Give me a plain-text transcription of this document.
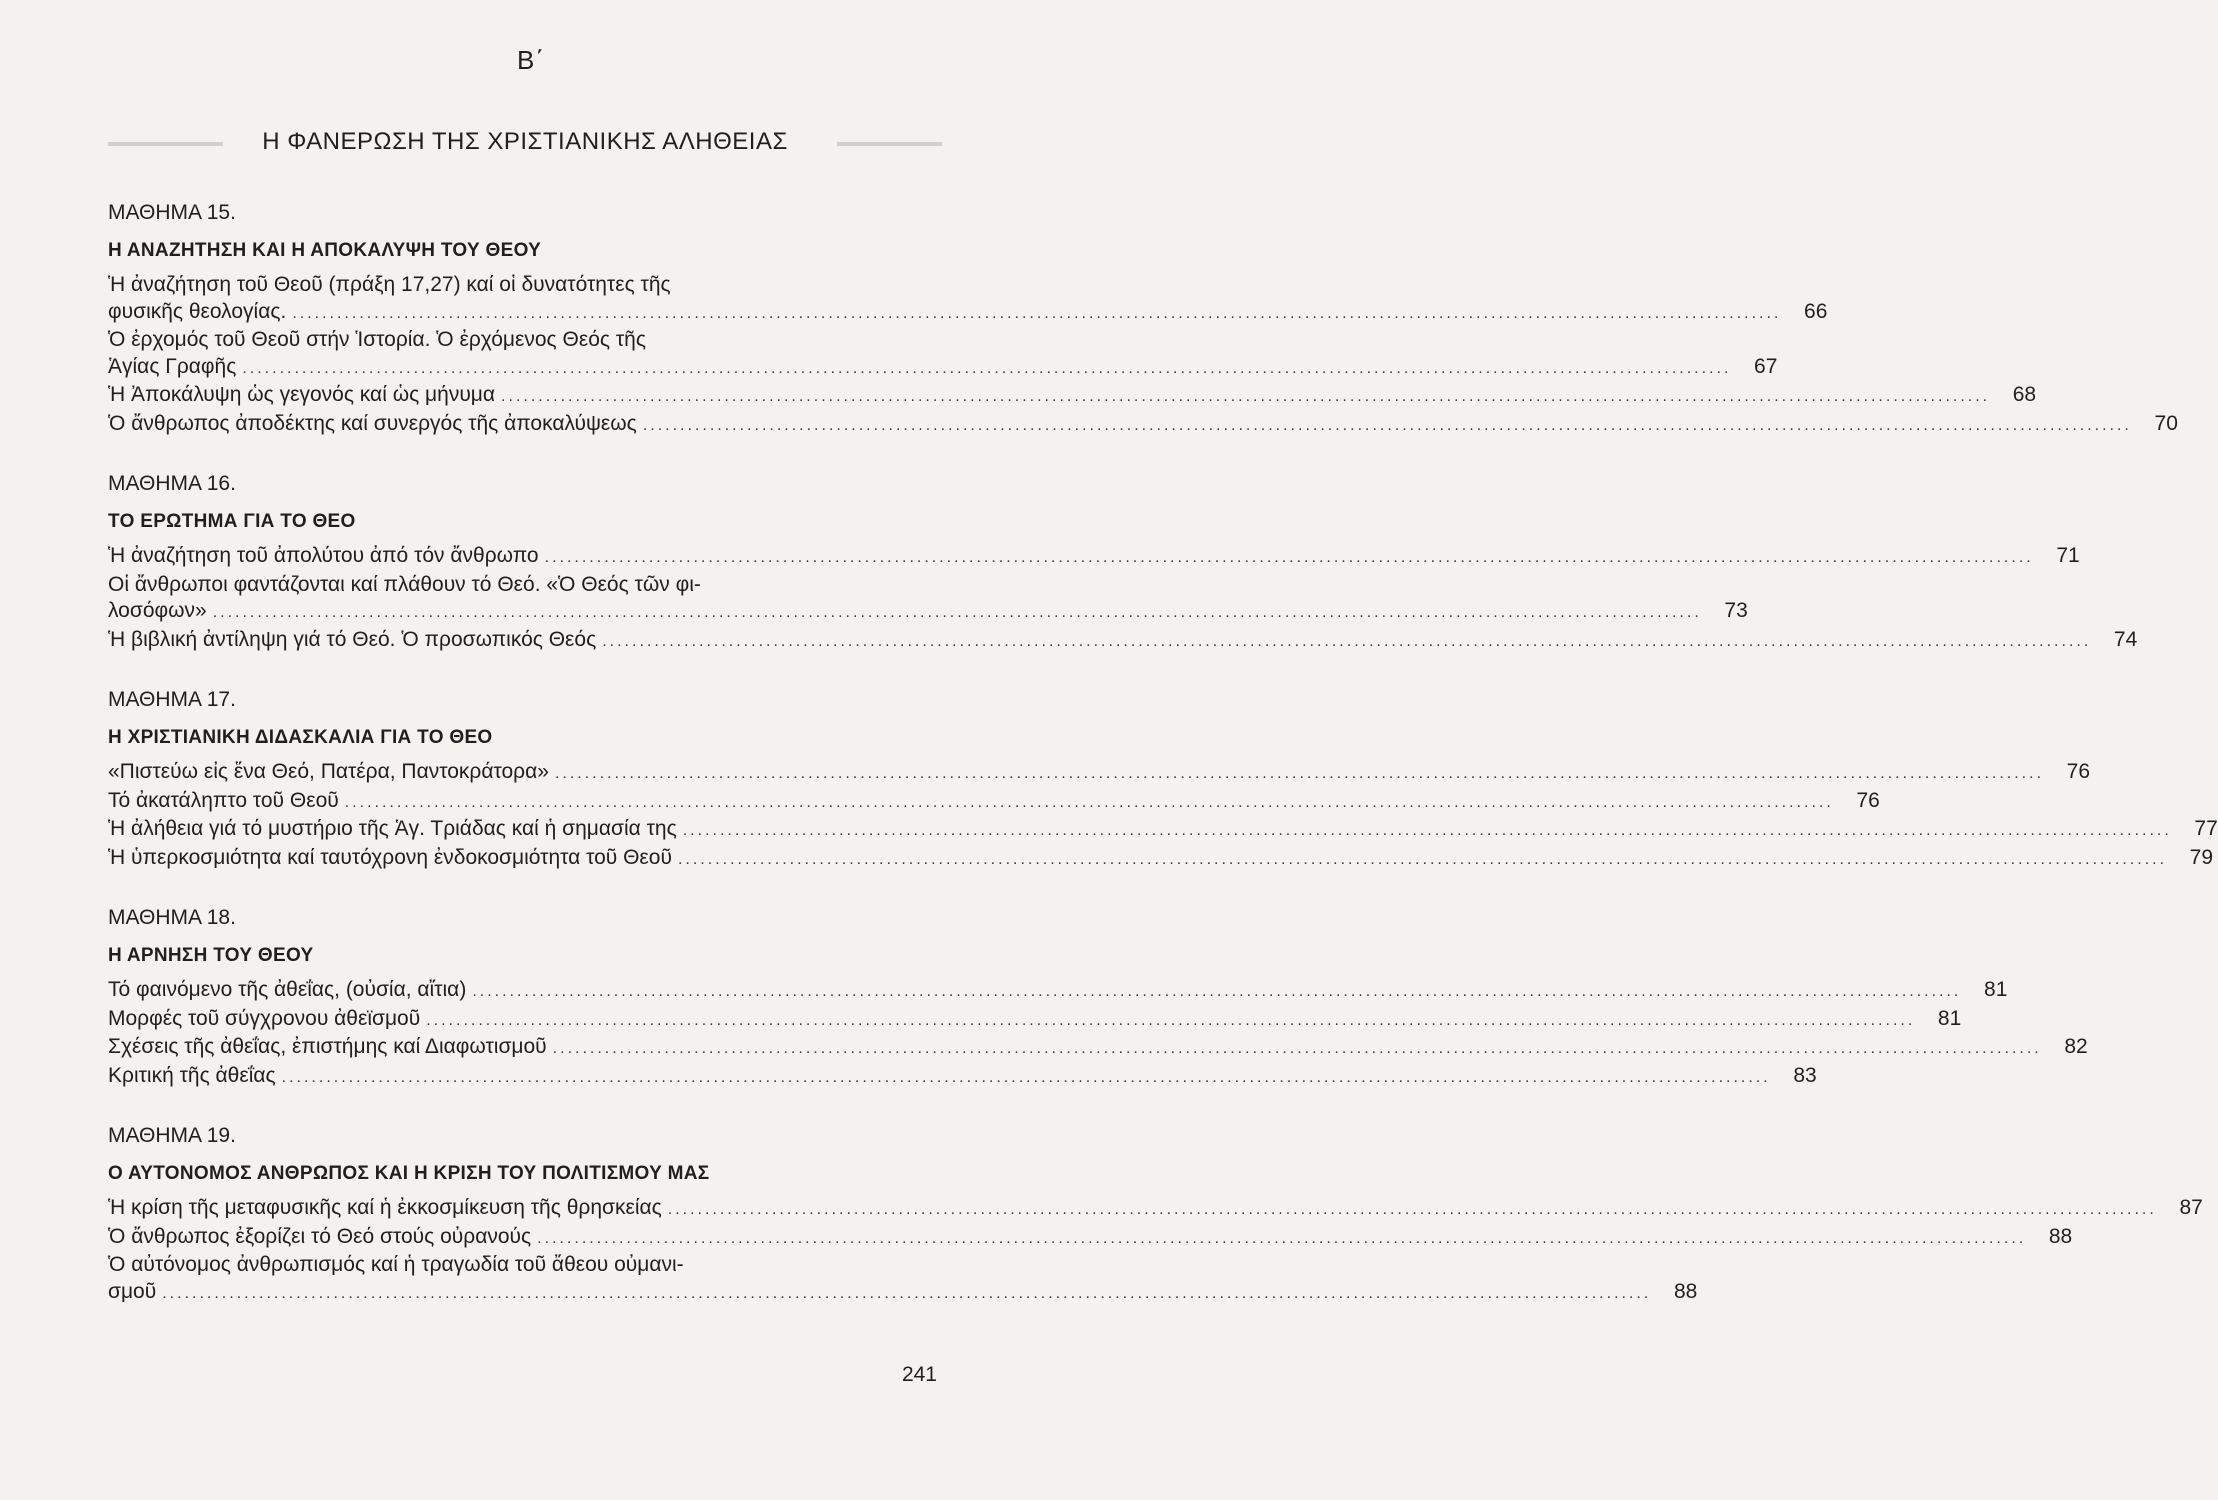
Β΄
Η ΦΑΝΕΡΩΣΗ ΤΗΣ ΧΡΙΣΤΙΑΝΙΚΗΣ ΑΛΗΘΕΙΑΣ
ΜΑΘΗΜΑ 15.
Η ΑΝΑΖΗΤΗΣΗ ΚΑΙ Η ΑΠΟΚΑΛΥΨΗ ΤΟΥ ΘΕΟΥ
Ἡ ἀναζήτηση τοῦ Θεοῦ (πράξη 17,27) καί οἱ δυνατότητες τῆς
φυσικῆς θεολογίας. ........................................................................................................................................................................................................	66
Ὁ ἐρχομός τοῦ Θεοῦ στήν Ἱστορία. Ὁ ἐρχόμενος Θεός τῆς
Ἁγίας Γραφῆς ........................................................................................................................................................................................................	67
Ἡ Ἀποκάλυψη ὡς γεγονός καί ὡς μήνυμα ........................................................................................................................................................................................................	68
Ὁ ἄνθρωπος ἀποδέκτης καί συνεργός τῆς ἀποκαλύψεως ........................................................................................................................................................................................................	70
ΜΑΘΗΜΑ 16.
ΤΟ ΕΡΩΤΗΜΑ ΓΙΑ ΤΟ ΘΕΟ
Ἡ ἀναζήτηση τοῦ ἀπολύτου ἀπό τόν ἄνθρωπο ........................................................................................................................................................................................................	71
Οἱ ἄνθρωποι φαντάζονται καί πλάθουν τό Θεό. «Ὁ Θεός τῶν φι-
λοσόφων» ........................................................................................................................................................................................................	73
Ἡ βιβλική ἀντίληψη γιά τό Θεό. Ὁ προσωπικός Θεός ........................................................................................................................................................................................................	74
ΜΑΘΗΜΑ 17.
Η ΧΡΙΣΤΙΑΝΙΚΗ ΔΙΔΑΣΚΑΛΙΑ ΓΙΑ ΤΟ ΘΕΟ
«Πιστεύω εἰς ἕνα Θεό, Πατέρα, Παντοκράτορα» ........................................................................................................................................................................................................	76
Τό ἀκατάληπτο τοῦ Θεοῦ ........................................................................................................................................................................................................	76
Ἡ ἀλήθεια γιά τό μυστήριο τῆς Ἁγ. Τριάδας καί ἡ σημασία της ........................................................................................................................................................................................................	77
Ἡ ὑπερκοσμιότητα καί ταυτόχρονη ἐνδοκοσμιότητα τοῦ Θεοῦ ........................................................................................................................................................................................................	79
ΜΑΘΗΜΑ 18.
Η ΑΡΝΗΣΗ ΤΟΥ ΘΕΟΥ
Τό φαινόμενο τῆς ἀθεΐας, (οὐσία, αἴτια) ........................................................................................................................................................................................................	81
Μορφές τοῦ σύγχρονου ἀθεϊσμοῦ ........................................................................................................................................................................................................	81
Σχέσεις τῆς ἀθεΐας, ἐπιστήμης καί Διαφωτισμοῦ ........................................................................................................................................................................................................	82
Κριτική τῆς ἀθεΐας ........................................................................................................................................................................................................	83
ΜΑΘΗΜΑ 19.
Ο ΑΥΤΟΝΟΜΟΣ ΑΝΘΡΩΠΟΣ ΚΑΙ Η ΚΡΙΣΗ ΤΟΥ ΠΟΛΙΤΙΣΜΟΥ ΜΑΣ
Ἡ κρίση τῆς μεταφυσικῆς καί ἡ ἐκκοσμίκευση τῆς θρησκείας ........................................................................................................................................................................................................	87
Ὁ ἄνθρωπος ἐξορίζει τό Θεό στούς οὐρανούς ........................................................................................................................................................................................................	88
Ὁ αὐτόνομος ἀνθρωπισμός καί ἡ τραγωδία τοῦ ἄθεου οὐμανι-
σμοῦ ........................................................................................................................................................................................................	88
241
